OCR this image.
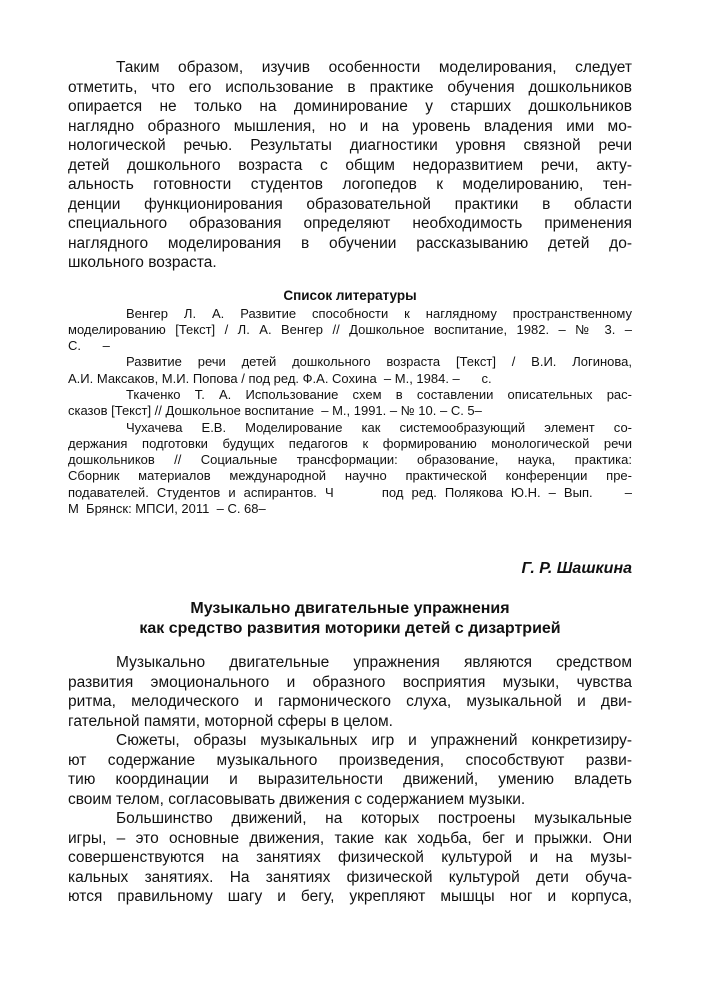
Таким образом, изучив особенности моделирования, следует
отметить, что его использование в практике обучения дошкольников
опирается не только на доминирование у старших дошкольников
наглядно образного мышления, но и на уровень владения ими мо-
нологической речью. Результаты диагностики уровня связной речи
детей дошкольного возраста с общим недоразвитием речи, акту-
альность готовности студентов логопедов к моделированию, тен-
денции функционирования образовательной практики в области
специального образования определяют необходимость применения
наглядного моделирования в обучении рассказыванию детей до-
школьного возраста.
Список литературы
Венгер Л. А. Развитие способности к наглядному пространственному
моделированию [Текст] / Л. А. Венгер // Дошкольное воспитание, 1982. – № 3. –
С.      –
Развитие речи детей дошкольного возраста [Текст] / В.И. Логинова,
А.И. Максаков, М.И. Попова / под ред. Ф.А. Сохина  – М., 1984. –      с.
Ткаченко Т. А. Использование схем в составлении описательных рас-
сказов [Текст] // Дошкольное воспитание  – М., 1991. – № 10. – С. 5–
Чухачева Е.В. Моделирование как системообразующий элемент со-
держания подготовки будущих педагогов к формированию монологической речи
дошкольников // Социальные трансформации: образование, наука, практика:
Сборник материалов международной научно практической конференции пре-
подавателей. Студентов и аспирантов. Ч      под ред. Полякова Ю.Н. – Вып.    –
М  Брянск: МПСИ, 2011  – С. 68–
Г. Р. Шашкина
Музыкально двигательные упражнения
как средство развития моторики детей с дизартрией
Музыкально двигательные упражнения являются средством
развития эмоционального и образного восприятия музыки, чувства
ритма, мелодического и гармонического слуха, музыкальной и дви-
гательной памяти, моторной сферы в целом.
Сюжеты, образы музыкальных игр и упражнений конкретизиру-
ют содержание музыкального произведения, способствуют разви-
тию координации и выразительности движений, умению владеть
своим телом, согласовывать движения с содержанием музыки.
Большинство движений, на которых построены музыкальные
игры, – это основные движения, такие как ходьба, бег и прыжки. Они
совершенствуются на занятиях физической культурой и на музы-
кальных занятиях. На занятиях физической культурой дети обуча-
ются правильному шагу и бегу, укрепляют мышцы ног и корпуса,
